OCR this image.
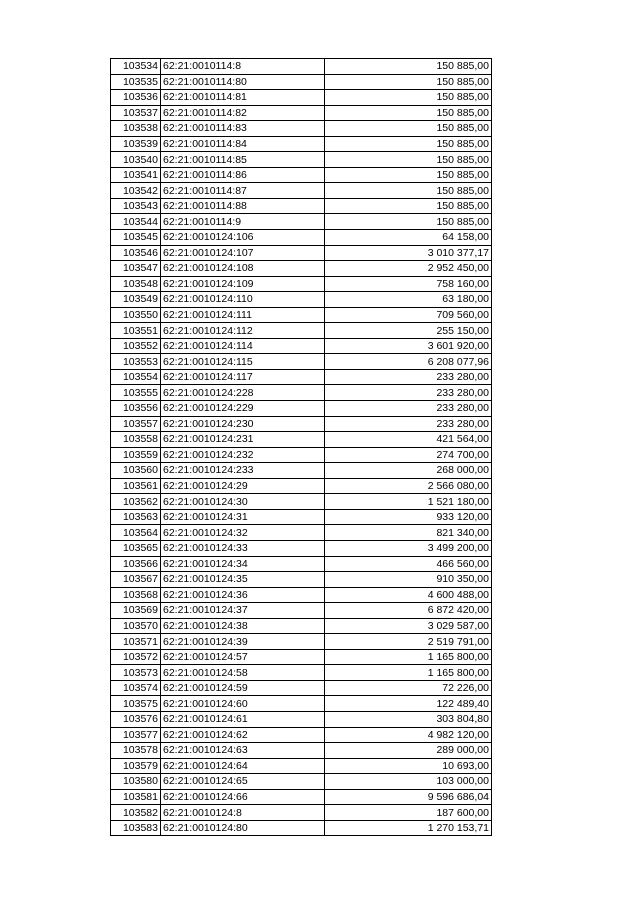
103534	62:21:0010114:8	150 885,00
103535	62:21:0010114:80	150 885,00
103536	62:21:0010114:81	150 885,00
103537	62:21:0010114:82	150 885,00
103538	62:21:0010114:83	150 885,00
103539	62:21:0010114:84	150 885,00
103540	62:21:0010114:85	150 885,00
103541	62:21:0010114:86	150 885,00
103542	62:21:0010114:87	150 885,00
103543	62:21:0010114:88	150 885,00
103544	62:21:0010114:9	150 885,00
103545	62:21:0010124:106	64 158,00
103546	62:21:0010124:107	3 010 377,17
103547	62:21:0010124:108	2 952 450,00
103548	62:21:0010124:109	758 160,00
103549	62:21:0010124:110	63 180,00
103550	62:21:0010124:111	709 560,00
103551	62:21:0010124:112	255 150,00
103552	62:21:0010124:114	3 601 920,00
103553	62:21:0010124:115	6 208 077,96
103554	62:21:0010124:117	233 280,00
103555	62:21:0010124:228	233 280,00
103556	62:21:0010124:229	233 280,00
103557	62:21:0010124:230	233 280,00
103558	62:21:0010124:231	421 564,00
103559	62:21:0010124:232	274 700,00
103560	62:21:0010124:233	268 000,00
103561	62:21:0010124:29	2 566 080,00
103562	62:21:0010124:30	1 521 180,00
103563	62:21:0010124:31	933 120,00
103564	62:21:0010124:32	821 340,00
103565	62:21:0010124:33	3 499 200,00
103566	62:21:0010124:34	466 560,00
103567	62:21:0010124:35	910 350,00
103568	62:21:0010124:36	4 600 488,00
103569	62:21:0010124:37	6 872 420,00
103570	62:21:0010124:38	3 029 587,00
103571	62:21:0010124:39	2 519 791,00
103572	62:21:0010124:57	1 165 800,00
103573	62:21:0010124:58	1 165 800,00
103574	62:21:0010124:59	72 226,00
103575	62:21:0010124:60	122 489,40
103576	62:21:0010124:61	303 804,80
103577	62:21:0010124:62	4 982 120,00
103578	62:21:0010124:63	289 000,00
103579	62:21:0010124:64	10 693,00
103580	62:21:0010124:65	103 000,00
103581	62:21:0010124:66	9 596 686,04
103582	62:21:0010124:8	187 600,00
103583	62:21:0010124:80	1 270 153,71
